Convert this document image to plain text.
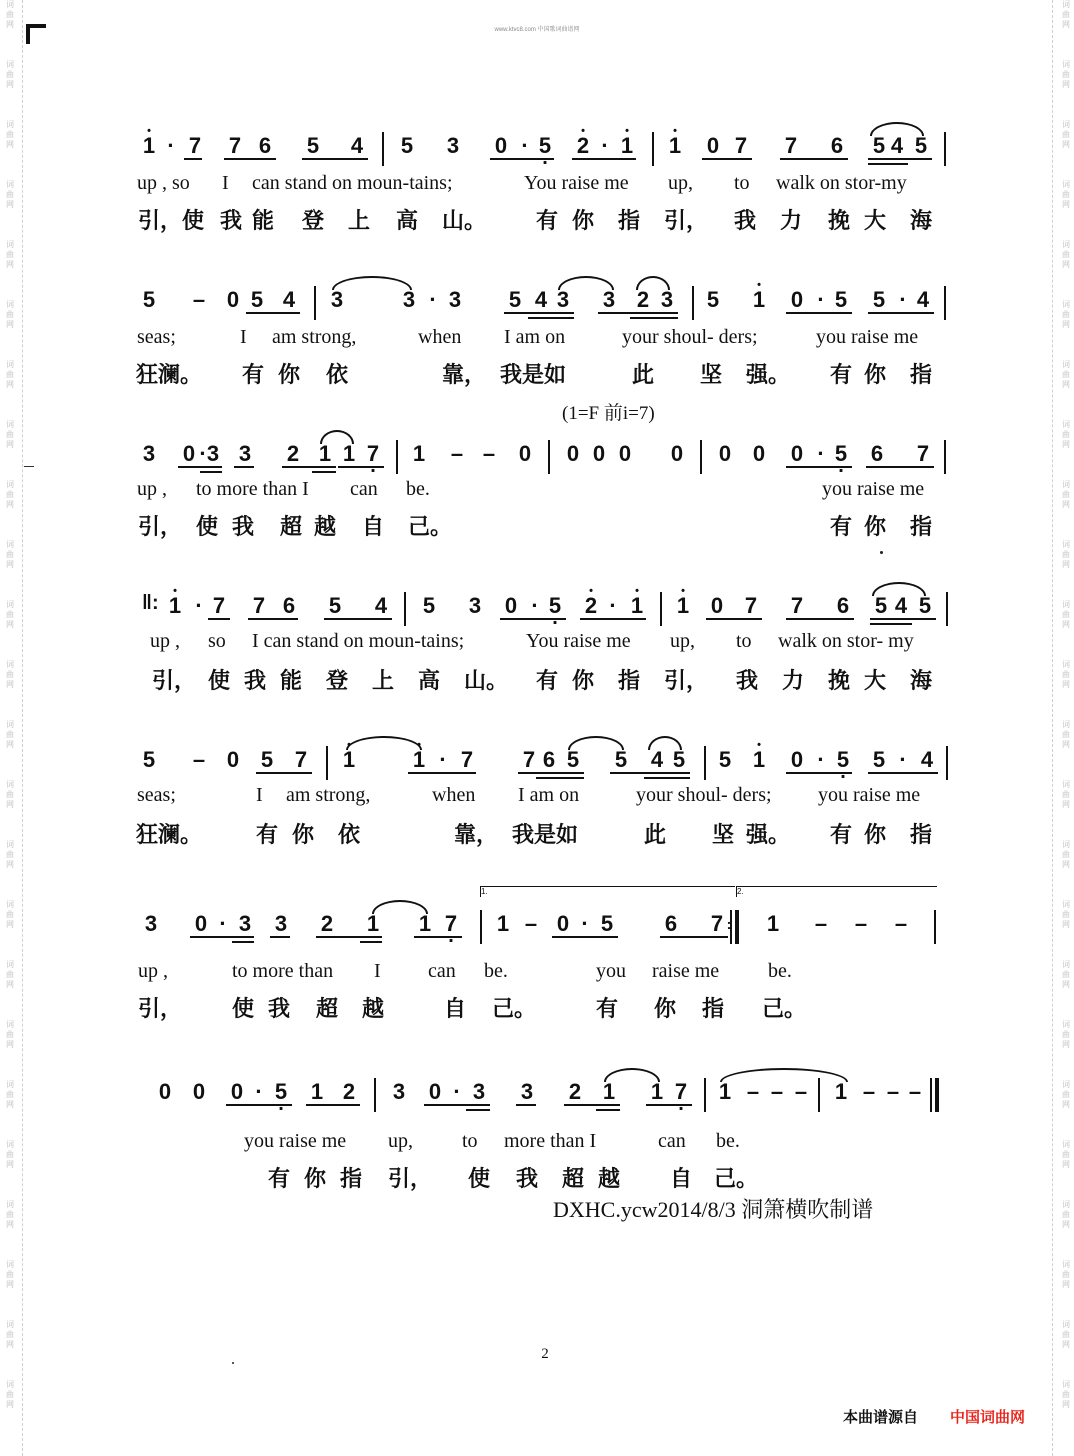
词
曲
网
词
曲
网
词
曲
网
词
曲
网
词
曲
网
词
曲
网
词
曲
网
词
曲
网
词
曲
网
词
曲
网
词
曲
网
词
曲
网
词
曲
网
词
曲
网
词
曲
网
词
曲
网
词
曲
网
词
曲
网
词
曲
网
词
曲
网
词
曲
网
词
曲
网
词
曲
网
词
曲
网
词
曲
网
词
曲
网
词
曲
网
词
曲
网
词
曲
网
词
曲
网
词
曲
网
词
曲
网
词
曲
网
词
曲
网
词
曲
网
词
曲
网
词
曲
网
词
曲
网
词
曲
网
词
曲
网
词
曲
网
词
曲
网
词
曲
网
词
曲
网
词
曲
网
词
曲
网
词
曲
网
词
曲
网
www.ktvc8.com 中国歌词曲谱网
• 1 · 7 7 6 5 4 5 3 0 · 5 . • 2 · • 1 • 1 0 7 7 6 5 4 5
up , so I can stand on moun-tains;	You raise me up, to walk on stor-my
引，使 我 能 登 上 高 山。 有 你 指 引， 我 力 挽 大 海
5 – 0 5 4 3	3 · 3 5 4 3 3 2 3 5 • 1 0 · 5 5 · 4
seas;	I am strong,	when I am on	your shoul- ders;	you raise me
狂澜。 有 你 依	靠， 我是如	此 坚 强。 有 你 指
(1=F 前i=7)
3 0 · 3 3 2 1 1 7 . 1 – – 0 0 0 0 0 0 0 0 · 5 . 6 7
up , to more than I can be.	you raise me
引， 使 我 超 越 自 己。	有 你 指
‖: • 1 · 7 7 6 5 4 5 3 0 · 5 . • 2 · • 1 • 1 0 7 7 6 5 4 5
up , so I can stand on moun-tains;	You raise me up, to walk on stor- my
引， 使 我 能 登 上 高 山。 有 你 指 引， 我 力 挽 大 海
5 – 0 5 7 • 1	• 1 · 7 7 6 5 5 4 5 5 • 1 0 · 5 . 5 · 4
seas;	I am strong,	when I am on	your shoul- ders; you raise me
狂澜。 有 你 依	靠， 我是如	此 坚 强。 有 你 指
1.	2.
3 0 · 3 3 2 1 1 7 . 1 – 0 · 5 6 7 :	1 – – –
up ,	to more than I can be.	you raise me be.
引， 使 我 超 越	自 己。	有 你 指 己。
0 0 0 · 5 . 1 2 3 0 · 3 3 2 1 1 7 . 1 – – – 1 – – –
you raise me up, to more than I	can be.
有 你 指 引， 使 我 超 越 自 己。
DXHC.ycw2014/8/3 洞箫横吹制谱
2
本曲谱源自 中国词曲网
